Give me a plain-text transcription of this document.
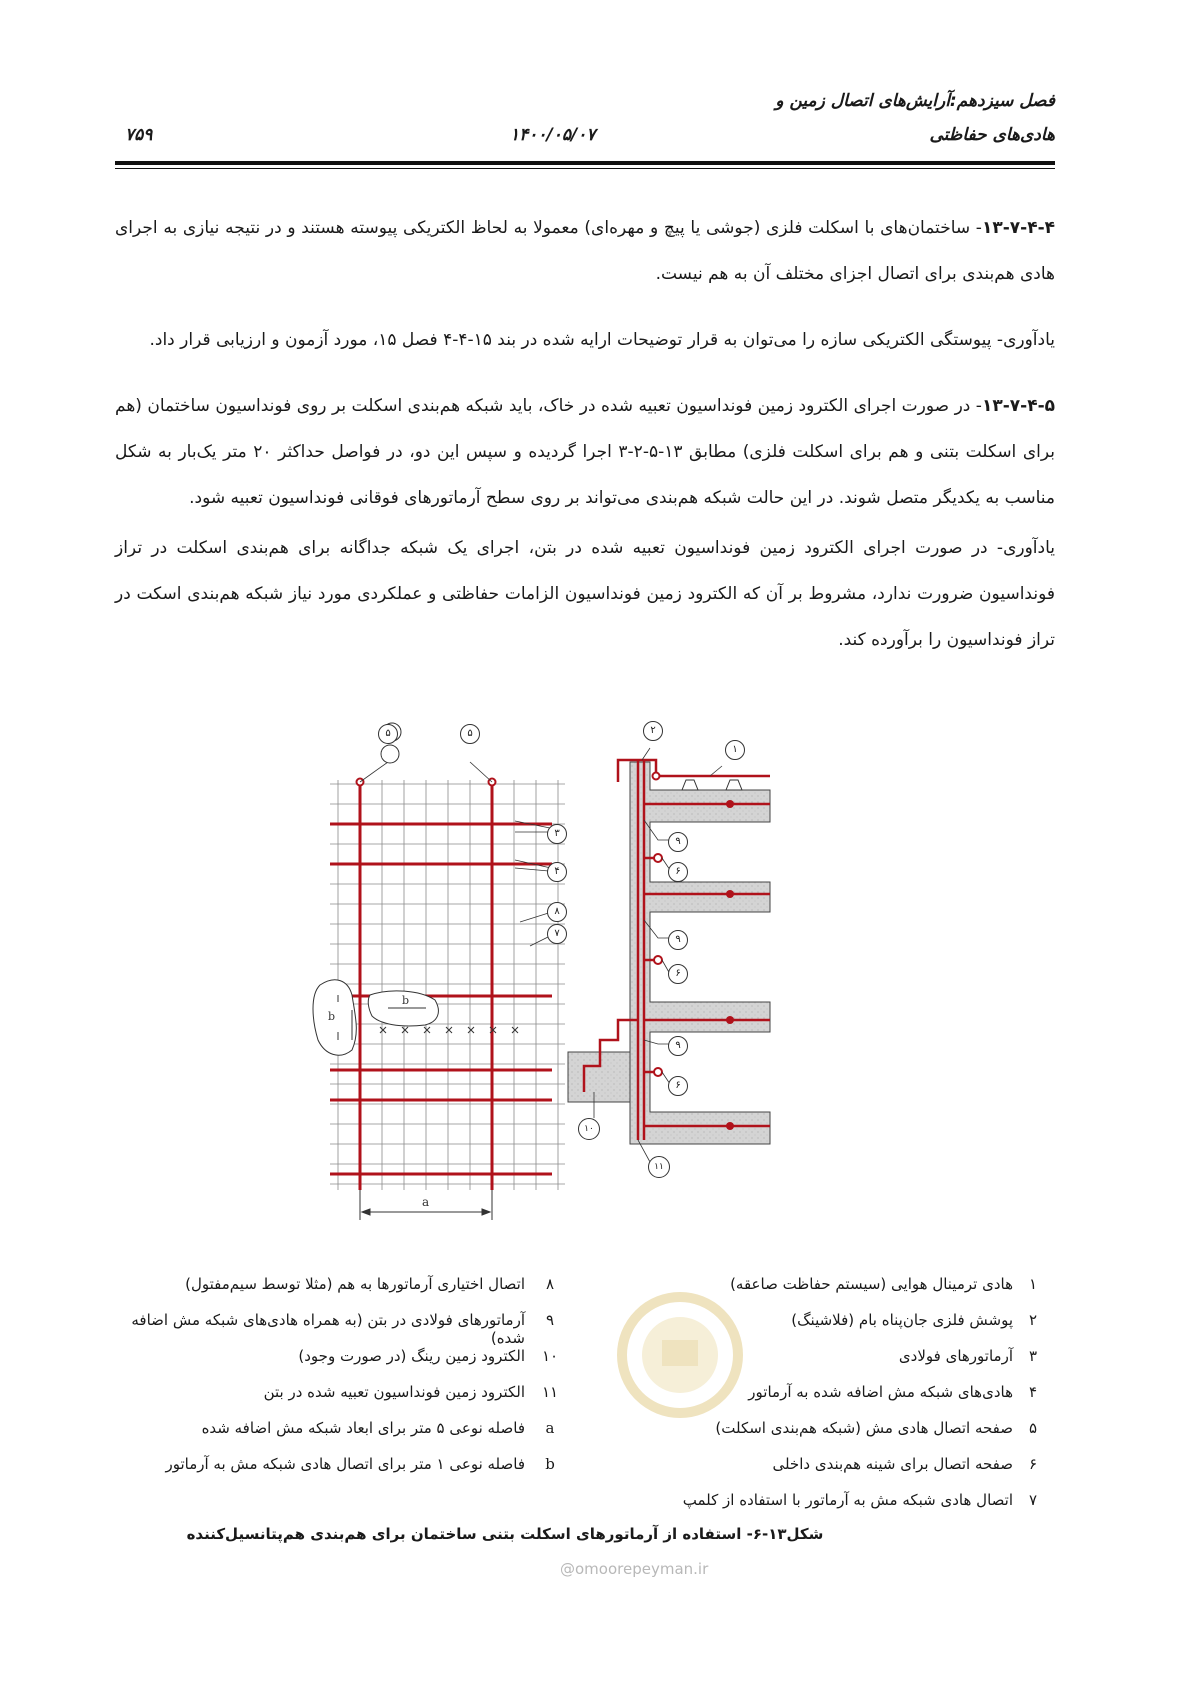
فصل سیزدهم:آرایش‌های اتصال زمین و
هادی‌های حفاظتی
۱۴۰۰/۰۵/۰۷
۷۵۹

۱۳-۷-۴-۴- ساختمان‌های با اسکلت فلزی (جوشی یا پیچ و مهره‌ای) معمولا به لحاظ الکتریکی پیوسته هستند و در نتیجه نیازی به اجرای هادی هم‌بندی برای اتصال اجزای مختلف آن به هم نیست.

یادآوری- پیوستگی الکتریکی سازه را می‌توان به قرار توضیحات ارایه شده در بند ۱۵-۴-۴ فصل ۱۵، مورد آزمون و ارزیابی قرار داد.

۱۳-۷-۴-۵- در صورت اجرای الکترود زمین فونداسیون تعبیه شده در خاک، باید شبکه هم‌بندی اسکلت بر روی فونداسیون ساختمان (هم برای اسکلت بتنی و هم برای اسکلت فلزی) مطابق ۱۳-۵-۲-۳ اجرا گردیده و سپس این دو، در فواصل حداکثر ۲۰ متر یک‌بار به شکل مناسب به یکدیگر متصل شوند. در این حالت شبکه هم‌بندی می‌تواند بر روی سطح آرماتورهای فوقانی فونداسیون تعبیه شود.

یادآوری- در صورت اجرای الکترود زمین فونداسیون تعبیه شده در بتن، اجرای یک شبکه جداگانه برای هم‌بندی اسکلت در تراز فونداسیون ضرورت ندارد، مشروط بر آن که الکترود زمین فونداسیون الزامات حفاظتی و عملکردی مورد نیاز شبکه هم‌بندی اسکت در تراز فونداسیون را برآورده کند.

b
b
a
۵	۵
۳
۴
۸
۷
۲
۱
۹
۶
۹
۶
۹
۶
۱۰
۱۱
۱
هادی ترمینال هوایی (سیستم حفاظت صاعقه)
۸
اتصال اختیاری آرماتورها به هم (مثلا توسط سیم‌مفتول)
۲
پوشش فلزی جان‌پناه بام (فلاشینگ)
۹
آرماتورهای فولادی در بتن (به همراه هادی‌های شبکه مش اضافه شده)
۳
آرماتورهای فولادی
۱۰
الکترود زمین رینگ (در صورت وجود)
۴
هادی‌های شبکه مش اضافه شده به آرماتور
۱۱
الکترود زمین فونداسیون تعبیه شده در بتن
۵
صفحه اتصال هادی مش (شبکه هم‌بندی اسکلت)
a
فاصله نوعی ۵ متر برای ابعاد شبکه مش اضافه شده
۶
صفحه اتصال برای شینه هم‌بندی داخلی
b
فاصله نوعی ۱ متر برای اتصال هادی شبکه مش به آرماتور
۷
اتصال هادی شبکه مش به آرماتور با استفاده از کلمپ
شکل۱۳-۶- استفاده از آرماتورهای اسکلت بتنی ساختمان برای هم‌بندی هم‌پتانسیل‌کننده
@omoorepeyman.ir
